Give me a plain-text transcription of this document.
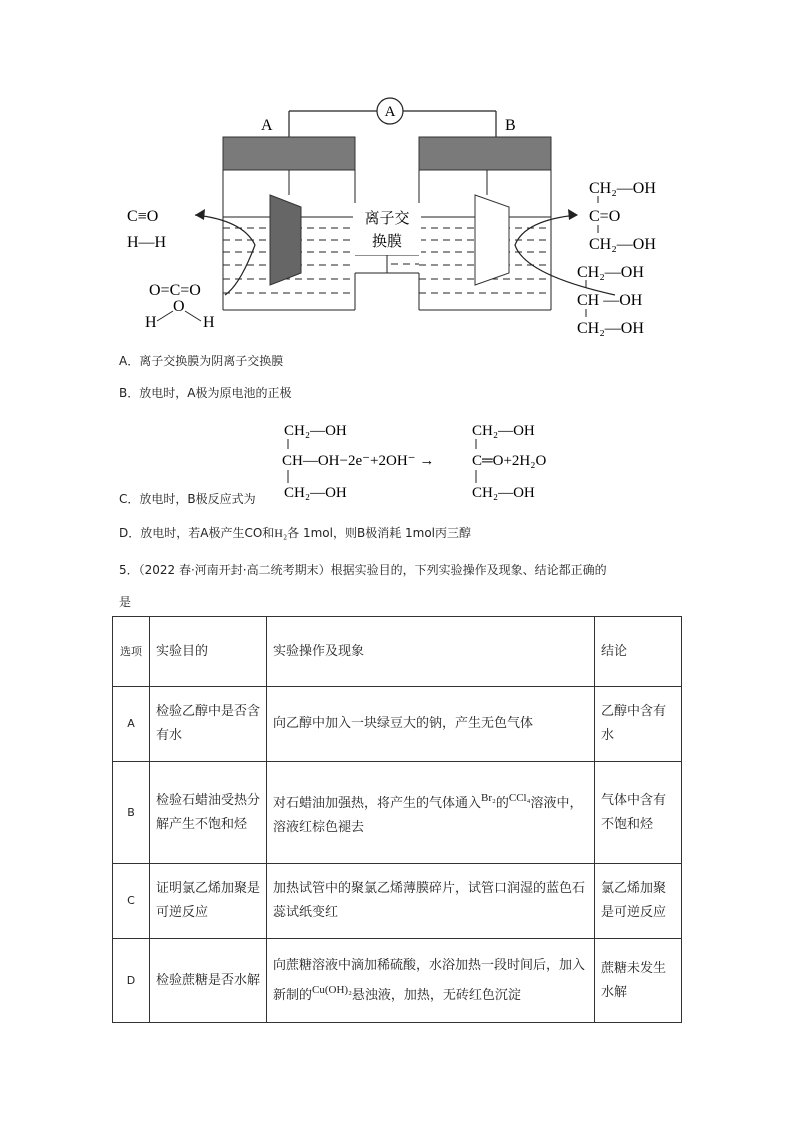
A
A	B
离子交
换膜
C≡O
H—H
O=C=O
O
H	H
CH₂—OH
C=O
CH₂—OH
CH₂—OH
CH —OH
CH₂—OH
A．离子交换膜为阴离子交换膜
B．放电时，A极为原电池的正极
CH₂—OH
CH—OH−2e⁻+2OH⁻ →
CH₂—OH
CH₂—OH
C═O+2H₂O
CH₂—OH
C．放电时，B极反应式为
D．放电时，若A极产生CO和H₂各 1mol，则B极消耗 1mol丙三醇
5．（2022 春·河南开封·高二统考期末）根据实验目的，下列实验操作及现象、结论都正确的
是
选项	实验目的	实验操作及现象	结论
A	检验乙醇中是否含有水	向乙醇中加入一块绿豆大的钠，产生无色气体	乙醇中含有水
B	检验石蜡油受热分解产生不饱和烃	对石蜡油加强热，将产生的气体通入$^{Br_2}$的$^{CCl_4}$溶液中，溶液红棕色褪去	气体中含有不饱和烃
C	证明氯乙烯加聚是可逆反应	加热试管中的聚氯乙烯薄膜碎片，试管口润湿的蓝色石蕊试纸变红	氯乙烯加聚是可逆反应
D	检验蔗糖是否水解	向蔗糖溶液中滴加稀硫酸，水浴加热一段时间后，加入新制的$^{Cu(OH)_2}$悬浊液，加热，无砖红色沉淀	蔗糖未发生水解
